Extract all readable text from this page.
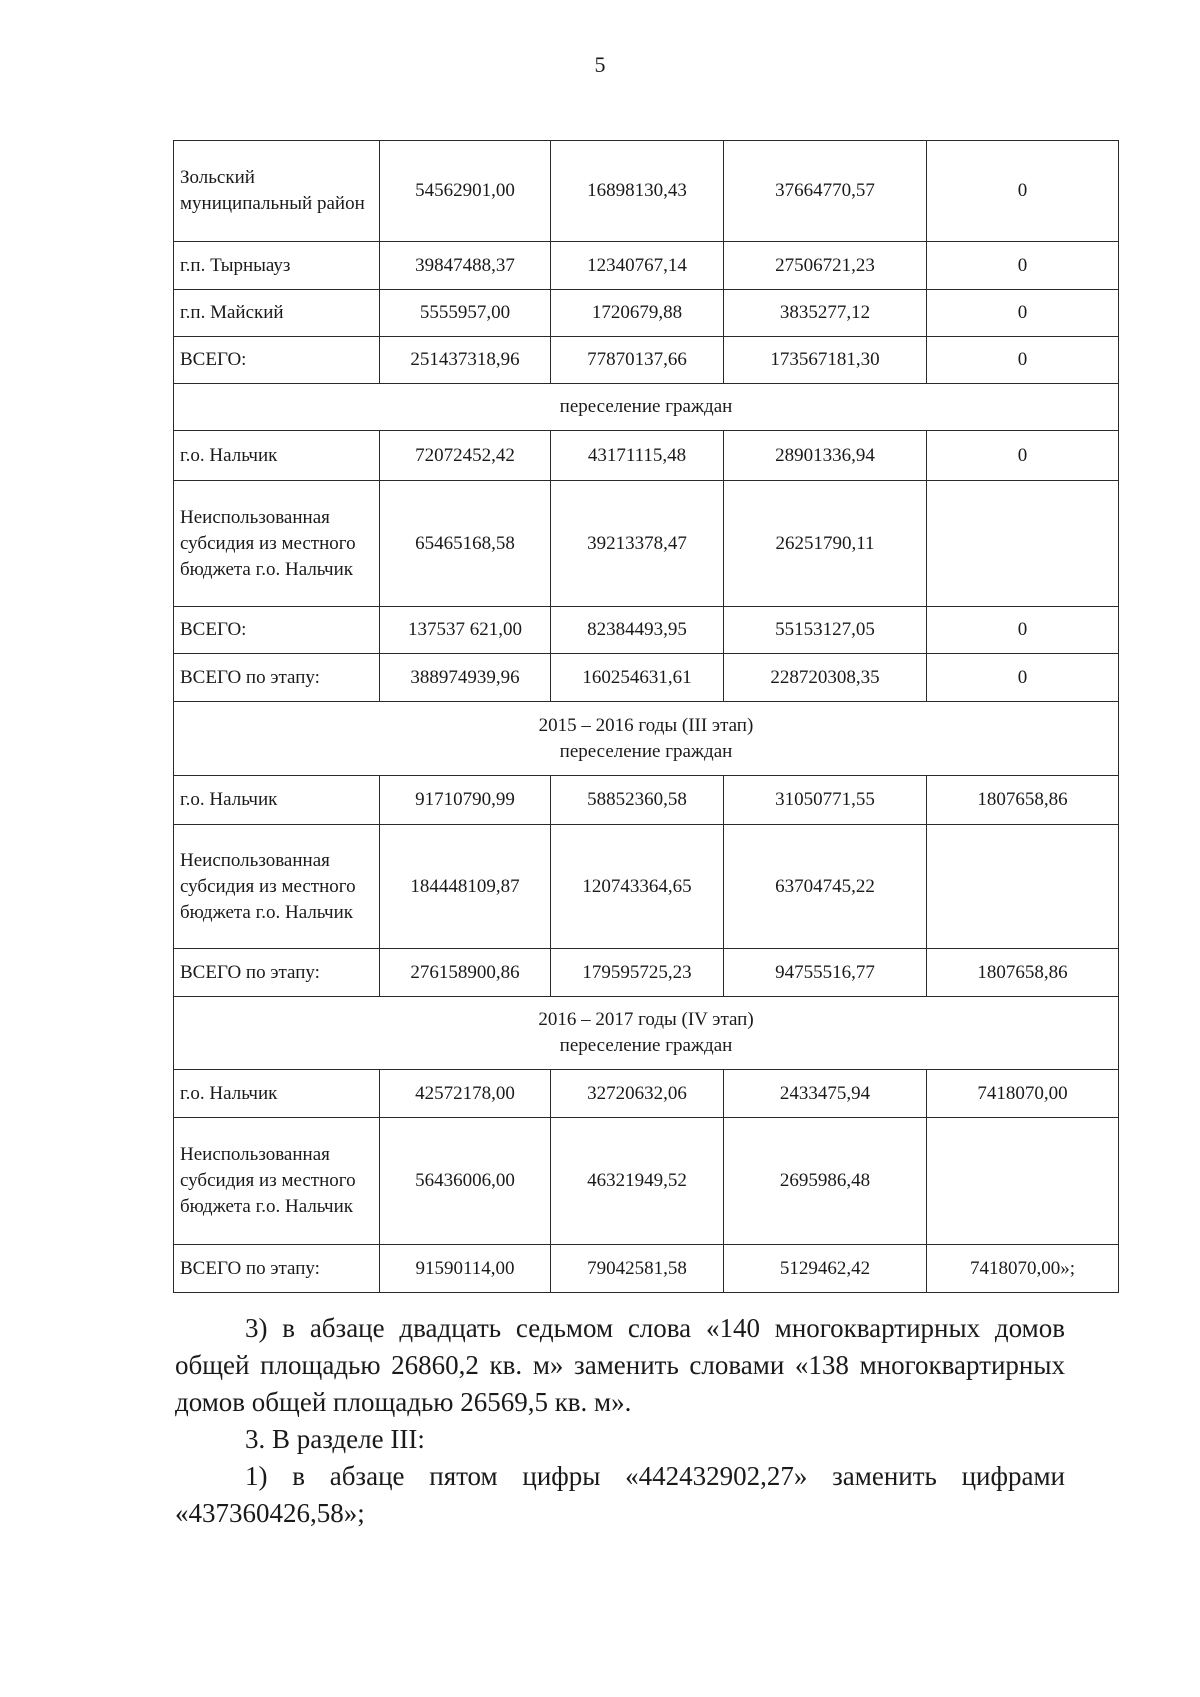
5
Зольский муниципальный район	54562901,00	16898130,43	37664770,57	0
г.п. Тырныауз	39847488,37	12340767,14	27506721,23	0
г.п. Майский	5555957,00	1720679,88	3835277,12	0
ВСЕГО:	251437318,96	77870137,66	173567181,30	0

переселение граждан				

г.о. Нальчик	72072452,42	43171115,48	28901336,94	0
Неиспользованная субсидия из местного бюджета г.о. Нальчик	65465168,58	39213378,47	26251790,11	
ВСЕГО:	137537 621,00	82384493,95	55153127,05	0
ВСЕГО по этапу:	388974939,96	160254631,61	228720308,35	0

2015 – 2016 годы (III этап)
переселение граждан				

г.о. Нальчик	91710790,99	58852360,58	31050771,55	1807658,86
Неиспользованная субсидия из местного бюджета г.о. Нальчик	184448109,87	120743364,65	63704745,22	
ВСЕГО по этапу:	276158900,86	179595725,23	94755516,77	1807658,86

2016 – 2017 годы (IV этап)
переселение граждан				

г.о. Нальчик	42572178,00	32720632,06	2433475,94	7418070,00
Неиспользованная субсидия из местного бюджета г.о. Нальчик	56436006,00	46321949,52	2695986,48	
ВСЕГО по этапу:	91590114,00	79042581,58	5129462,42	7418070,00»;

3) в абзаце двадцать седьмом слова «140 многоквартирных домов общей площадью 26860,2 кв. м» заменить словами «138 многоквартирных домов общей площадью 26569,5 кв. м».

3. В разделе III:

1) в абзаце пятом цифры «442432902,27» заменить цифрами «437360426,58»;
